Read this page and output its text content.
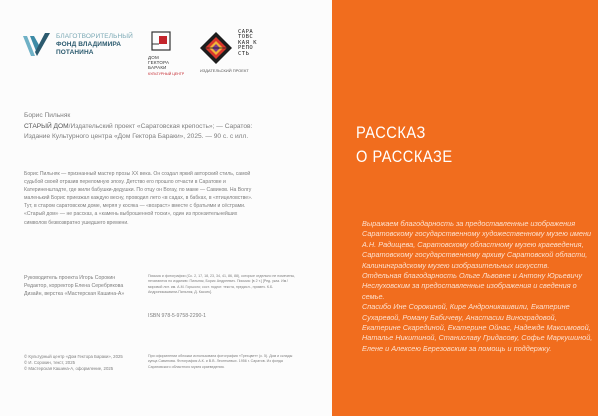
БЛАГОТВОРИТЕЛЬНЫЙ
ФОНД ВЛАДИМИРА
ПОТАНИНА
ДОМ
ГЕКТОРА
БАРАКИ
КУЛЬТУРНЫЙ ЦЕНТР
САРА
ТОВС
КАЯ К
РЕПО
СТЬ
ИЗДАТЕЛЬСКИЙ ПРОЕКТ
Борис Пильняк
СТАРЫЙ ДОМ/Издательский проект «Саратовская крепость»; — Саратов: Издание Культурного центра «Дом Гектора Бараки», 2025. — 90 с. с илл.
Борис Пильняк — признанный мастер прозы XX века. Он создал яркий авторский стиль, самой судьбой своей отразив переломную эпоху. Детство его прошло отчасти в Саратове и Катериненштадте, где жили бабушки-дедушки. По отцу он Вогау, по маме — Савинов. На Волгу маленький Борис приезжал каждую весну, проводил лето «в садах, в бабках, в «птицеловстве». Тут, в старом саратовском доме, меряя у косяка — «возраст» вместе с братьями и сёстрами. «Старый дом» — не рассказ, а «камень выброшенной тоски», один из пронзительнейших символов безвозвратно ушедшего времени.
Руководитель проекта Игорь Сорокин
Редактор, корректор Елена Серебрякова
Дизайн, верстка «Мастерская Кашина-А»
Письма и фотографии (Сс. 2, 17, 18, 23, 34, 41, 86, 88), которые отдельно не помечены, печатаются по изданию: Пильняк, Борис Андреевич. Письма: [в 2 т.] [Ред. указ. Им.! мировой лит. им. А.М. Горького; сост. подгот. текста, предисл., примеч. К.Б. Андроникашвили-Пильняк, Д. Кассек].
ISBN 978-5-9758-2290-1
© Культурный центр «Дом Гектора Бараки», 2025
© И. Сорокин, текст, 2025
© Мастерская Кашина-А, оформление, 2025
При оформлении обложки использована фотография «Трехцвет» (с. 5). Дом и склады купца Савинова. Фотография А.К. и В.В. Леонтьевых. 1956 г. Саратов. Из фонда Саратовского областного музея краеведения.
РАССКАЗ
О РАССКАЗЕ

Выражаем благодарность за предоставленные изображения Саратовскому государственному художественному музею имени А.Н. Радищева, Саратовскому областному музею краеведения, Саратовскому государственному архиву Саратовской области, Калининградскому музею изобразительных искусств.

Отдельная благодарность Ольге Львовне и Антону Юрьевичу Неслуховским за предоставленные изображения и сведения о семье.

Спасибо Ине Сорокиной, Кире Андроникашвили, Екатерине Сухаревой, Роману Бабичеву, Анастасии Виноградовой, Екатерине Скарединой, Екатерине Ойнас, Надежде Максимовой, Наталье Никитиной, Станиславу Гридасову, Софье Маркушиной, Елене и Алексею Березовским за помощь и поддержку.
